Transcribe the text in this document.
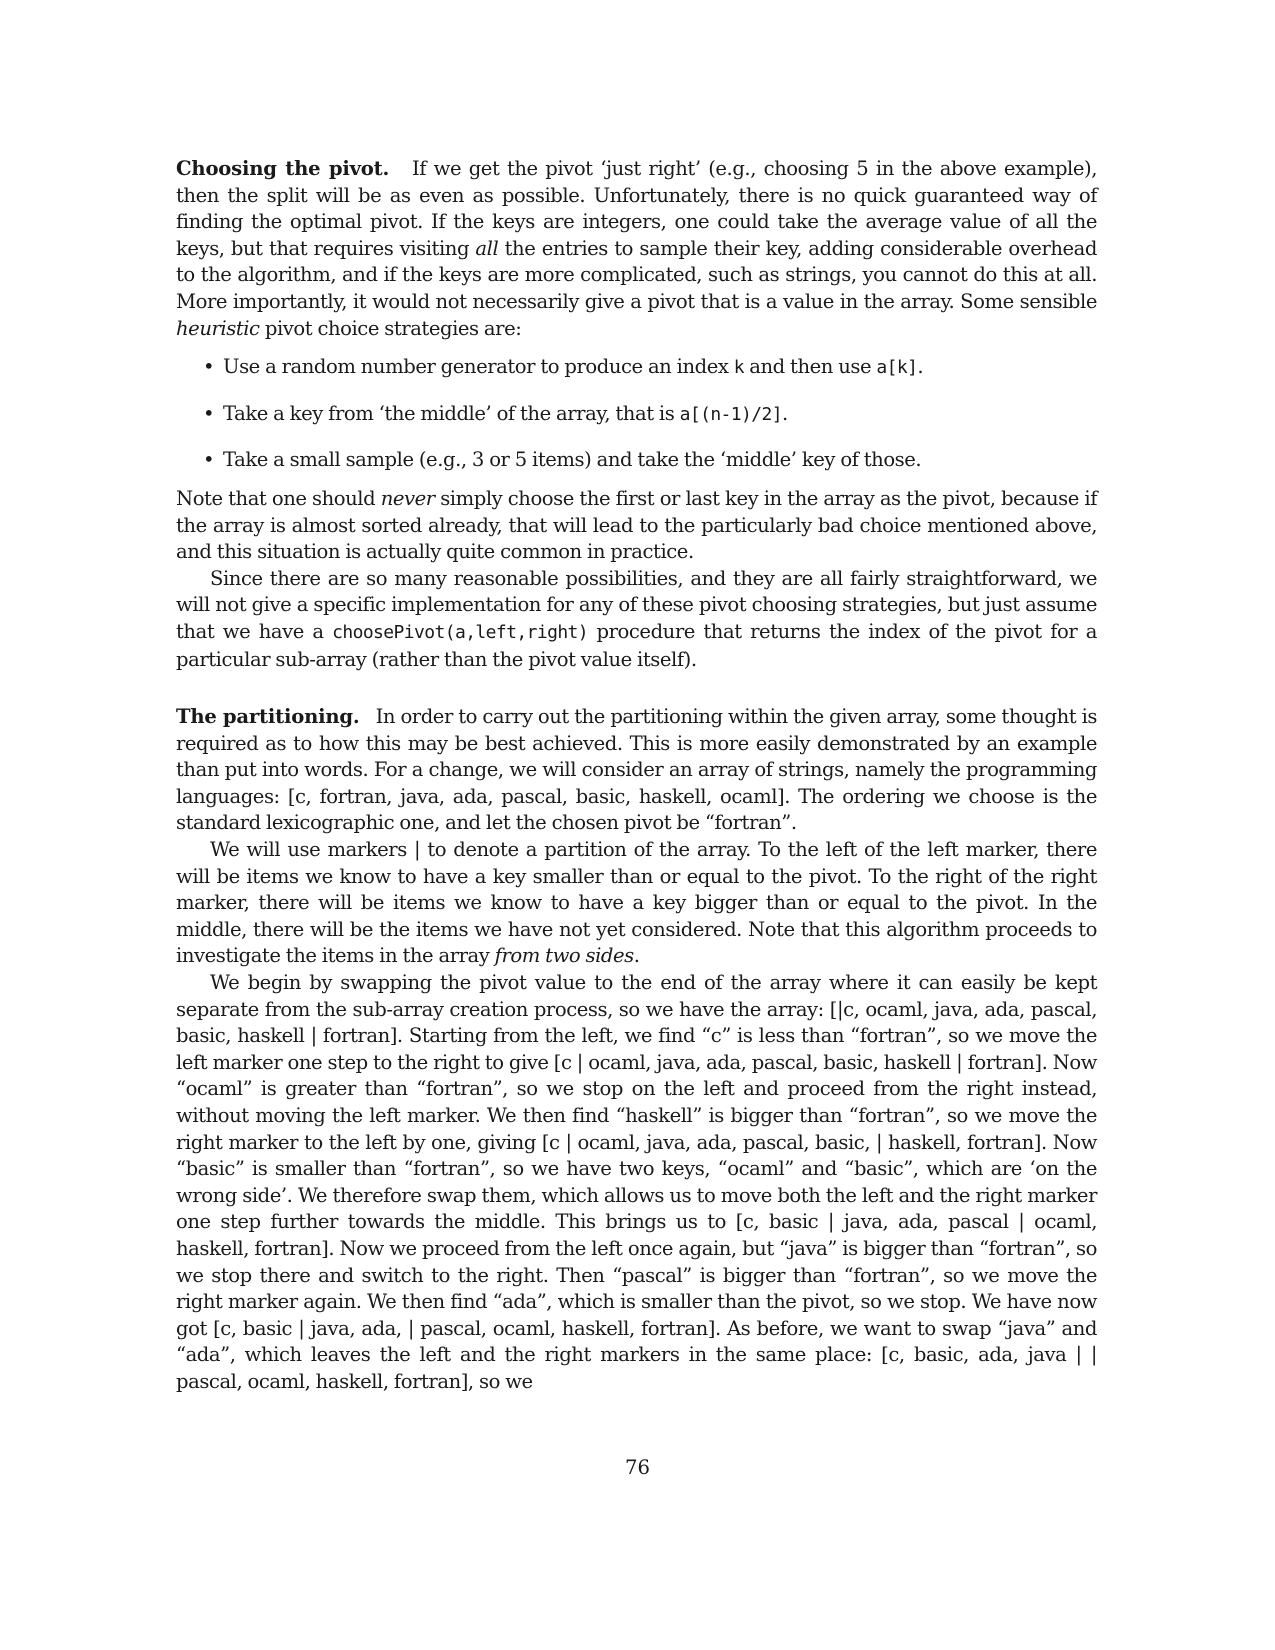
Choosing the pivot. If we get the pivot ‘just right’ (e.g., choosing 5 in the above example), then the split will be as even as possible. Unfortunately, there is no quick guaranteed way of finding the optimal pivot. If the keys are integers, one could take the average value of all the keys, but that requires visiting all the entries to sample their key, adding considerable overhead to the algorithm, and if the keys are more complicated, such as strings, you cannot do this at all. More importantly, it would not necessarily give a pivot that is a value in the array. Some sensible heuristic pivot choice strategies are:

• Use a random number generator to produce an index k and then use a[k].
• Take a key from ‘the middle’ of the array, that is a[(n-1)/2].
• Take a small sample (e.g., 3 or 5 items) and take the ‘middle’ key of those.

Note that one should never simply choose the first or last key in the array as the pivot, because if the array is almost sorted already, that will lead to the particularly bad choice mentioned above, and this situation is actually quite common in practice.

Since there are so many reasonable possibilities, and they are all fairly straightforward, we will not give a specific implementation for any of these pivot choosing strategies, but just assume that we have a choosePivot(a,left,right) procedure that returns the index of the pivot for a particular sub-array (rather than the pivot value itself).

The partitioning. In order to carry out the partitioning within the given array, some thought is required as to how this may be best achieved. This is more easily demonstrated by an example than put into words. For a change, we will consider an array of strings, namely the programming languages: [c, fortran, java, ada, pascal, basic, haskell, ocaml]. The ordering we choose is the standard lexicographic one, and let the chosen pivot be “fortran”.

We will use markers | to denote a partition of the array. To the left of the left marker, there will be items we know to have a key smaller than or equal to the pivot. To the right of the right marker, there will be items we know to have a key bigger than or equal to the pivot. In the middle, there will be the items we have not yet considered. Note that this algorithm proceeds to investigate the items in the array from two sides.

We begin by swapping the pivot value to the end of the array where it can easily be kept separate from the sub-array creation process, so we have the array: [|c, ocaml, java, ada, pascal, basic, haskell | fortran]. Starting from the left, we find “c” is less than “fortran”, so we move the left marker one step to the right to give [c | ocaml, java, ada, pascal, basic, haskell | fortran]. Now “ocaml” is greater than “fortran”, so we stop on the left and proceed from the right instead, without moving the left marker. We then find “haskell” is bigger than “fortran”, so we move the right marker to the left by one, giving [c | ocaml, java, ada, pascal, basic, | haskell, fortran]. Now “basic” is smaller than “fortran”, so we have two keys, “ocaml” and “basic”, which are ‘on the wrong side’. We therefore swap them, which allows us to move both the left and the right marker one step further towards the middle. This brings us to [c, basic | java, ada, pascal | ocaml, haskell, fortran]. Now we proceed from the left once again, but “java” is bigger than “fortran”, so we stop there and switch to the right. Then “pascal” is bigger than “fortran”, so we move the right marker again. We then find “ada”, which is smaller than the pivot, so we stop. We have now got [c, basic | java, ada, | pascal, ocaml, haskell, fortran]. As before, we want to swap “java” and “ada”, which leaves the left and the right markers in the same place: [c, basic, ada, java | | pascal, ocaml, haskell, fortran], so we

76
